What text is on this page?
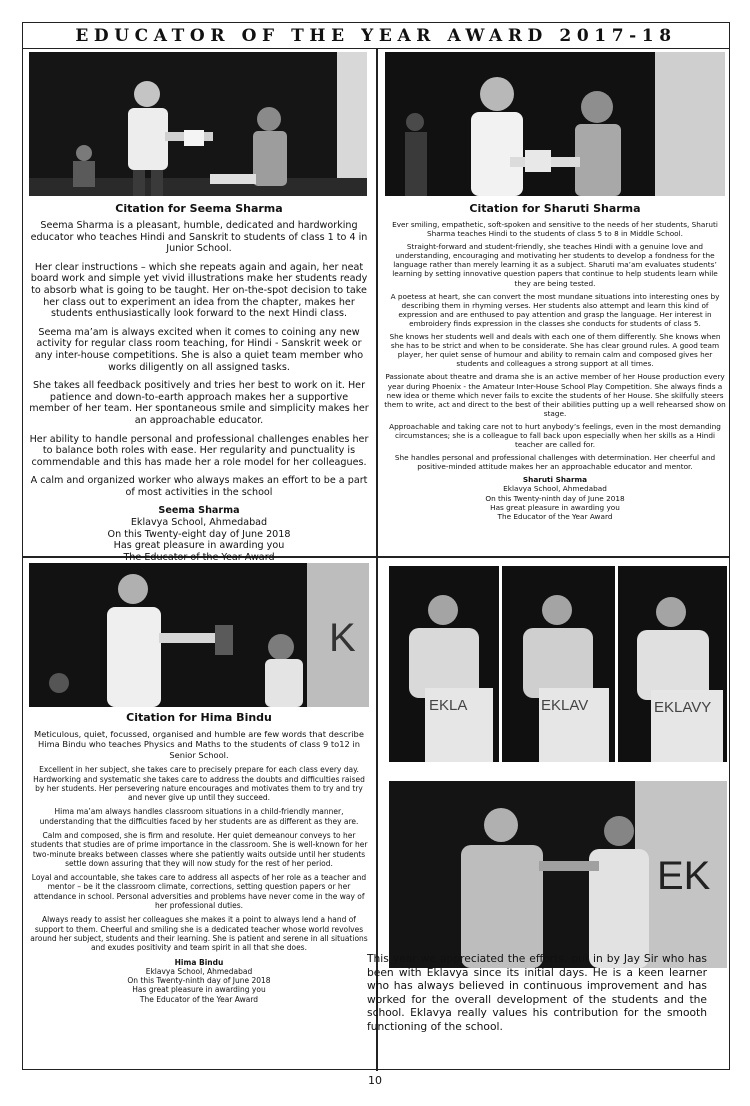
EDUCATOR OF THE YEAR AWARD 2017-18

Citation for Seema Sharma

Seema Sharma is a pleasant, humble, dedicated and hardworking educator who teaches Hindi and Sanskrit to students of class 1 to 4 in Junior School.

Her clear instructions – which she repeats again and again, her neat board work and simple yet vivid illustrations make her students ready to absorb what is going to be taught. Her on-the-spot decision to take her class out to experiment an idea from the chapter, makes her students enthusiastically look forward to the next Hindi class.

Seema ma’am is always excited when it comes to coining any new activity for regular class room teaching, for Hindi - Sanskrit week or any inter-house competitions. She is also a quiet team member who works diligently on all assigned tasks.

She takes all feedback positively and tries her best to work on it. Her patience and down-to-earth approach makes her a supportive member of her team. Her spontaneous smile and simplicity makes her an approachable educator.

Her ability to handle personal and professional challenges enables her to balance both roles with ease. Her regularity and punctuality is commendable and this has made her a role model for her colleagues.

A calm and organized worker who always makes an effort to be a part of most activities in the school

Seema Sharma
Eklavya School, Ahmedabad
On this Twenty-eight day of June 2018
Has great pleasure in awarding you
The Educator of the Year Award

Citation for Sharuti Sharma

Ever smiling, empathetic, soft-spoken and sensitive to the needs of her students, Sharuti Sharma teaches Hindi to the students of class 5 to 8 in Middle School.

Straight-forward and student-friendly, she teaches Hindi with a genuine love and understanding, encouraging and motivating her students to develop a fondness for the language rather than merely learning it as a subject. Sharuti ma’am evaluates students’ learning by setting innovative question papers that continue to help students learn while they are being tested.

A poetess at heart, she can convert the most mundane situations into interesting ones by describing them in rhyming verses. Her students also attempt and learn this kind of expression and are enthused to pay attention and grasp the language. Her interest in embroidery finds expression in the classes she conducts for students of class 5.

She knows her students well and deals with each one of them differently. She knows when she has to be strict and when to be considerate. She has clear ground rules. A good team player, her quiet sense of humour and ability to remain calm and composed gives her students and colleagues a strong support at all times.

Passionate about theatre and drama she is an active member of her House production every year during Phoenix - the Amateur Inter-House School Play Competition. She always finds a new idea or theme which never fails to excite the students of her House. She skilfully steers them to write, act and direct to the best of their abilities putting up a well rehearsed show on stage.

Approachable and taking care not to hurt anybody’s feelings, even in the most demanding circumstances; she is a colleague to fall back upon especially when her skills as a Hindi teacher are called for.

She handles personal and professional challenges with determination. Her cheerful and positive-minded attitude makes her an approachable educator and mentor.

Sharuti Sharma
Eklavya School, Ahmedabad
On this Twenty-ninth day of June 2018
Has great pleasure in awarding you
The Educator of the Year Award
K

Citation for Hima Bindu

Meticulous, quiet, focussed, organised and humble are few words that describe Hima Bindu who teaches Physics and Maths to the students of class 9 to12 in Senior School.

Excellent in her subject, she takes care to precisely prepare for each class every day. Hardworking and systematic she takes care to address the doubts and difficulties raised by her students. Her persevering nature encourages and motivates them to try and try and never give up until they succeed.

Hima ma’am always handles classroom situations in a child-friendly manner, understanding that the difficulties faced by her students are as different as they are.

Calm and composed, she is firm and resolute. Her quiet demeanour conveys to her students that studies are of prime importance in the classroom. She is well-known for her two-minute breaks between classes where she patiently waits outside until her students settle down assuring that they will now study for the rest of her period.

Loyal and accountable, she takes care to address all aspects of her role as a teacher and mentor – be it the classroom climate, corrections, setting question papers or her attendance in school. Personal adversities and problems have never come in the way of her professional duties.

Always ready to assist her colleagues she makes it a point to always lend a hand of support to them. Cheerful and smiling she is a dedicated teacher whose world revolves around her subject, students and their learning. She is patient and serene in all situations and exudes positivity and team spirit in all that she does.

Hima Bindu
Eklavya School, Ahmedabad
On this Twenty-ninth day of June 2018
Has great pleasure in awarding you
The Educator of the Year Award
EKLA	EKLAV	EKLAVY
EK

This year we appreciated the efforts, put in by Jay Sir who has been with Eklavya since its initial days. He is a keen learner who has always believed in continuous improvement and has worked for the overall development of the students and the school. Eklavya really values his contribution for the smooth functioning of the school.

10
